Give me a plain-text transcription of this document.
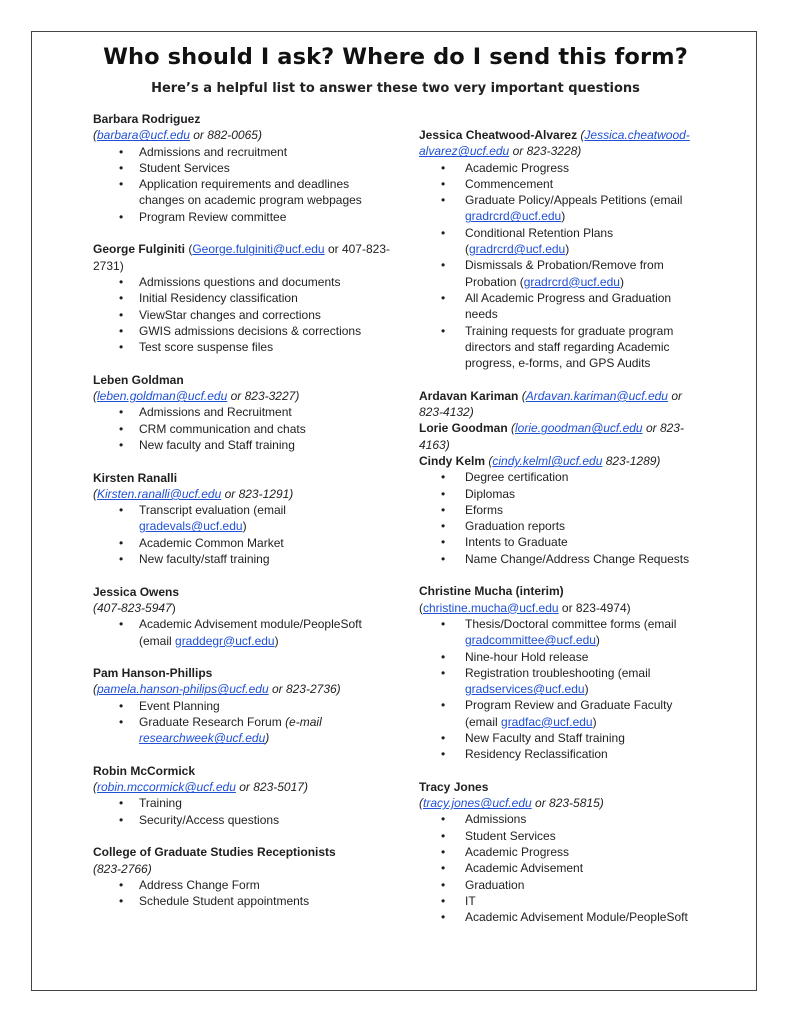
Who should I ask? Where do I send this form?
Here’s a helpful list to answer these two very important questions
Barbara Rodriguez
(barbara@ucf.edu or 882-0065)
• Admissions and recruitment
• Student Services
• Application requirements and deadlines changes on academic program webpages
• Program Review committee
George Fulginiti (George.fulginiti@ucf.edu or 407-823-2731)
• Admissions questions and documents
• Initial Residency classification
• ViewStar changes and corrections
• GWIS admissions decisions & corrections
• Test score suspense files
Leben Goldman
(leben.goldman@ucf.edu or 823-3227)
• Admissions and Recruitment
• CRM communication and chats
• New faculty and Staff training
Kirsten Ranalli
(Kirsten.ranalli@ucf.edu or 823-1291)
• Transcript evaluation (email gradevals@ucf.edu)
• Academic Common Market
• New faculty/staff training
Jessica Owens
(407-823-5947)
• Academic Advisement module/PeopleSoft (email graddegr@ucf.edu)
Pam Hanson-Phillips
(pamela.hanson-philips@ucf.edu or 823-2736)
• Event Planning
• Graduate Research Forum (e-mail researchweek@ucf.edu)
Robin McCormick
(robin.mccormick@ucf.edu or 823-5017)
• Training
• Security/Access questions
College of Graduate Studies Receptionists
(823-2766)
• Address Change Form
• Schedule Student appointments
Jessica Cheatwood-Alvarez (Jessica.cheatwood-alvarez@ucf.edu or 823-3228)
• Academic Progress
• Commencement
• Graduate Policy/Appeals Petitions (email gradrcrd@ucf.edu)
• Conditional Retention Plans (gradrcrd@ucf.edu)
• Dismissals & Probation/Remove from Probation (gradrcrd@ucf.edu)
• All Academic Progress and Graduation needs
• Training requests for graduate program directors and staff regarding Academic progress, e-forms, and GPS Audits
Ardavan Kariman (Ardavan.kariman@ucf.edu or 823-4132)
Lorie Goodman (lorie.goodman@ucf.edu or 823-4163)
Cindy Kelm (cindy.kelml@ucf.edu 823-1289)
• Degree certification
• Diplomas
• Eforms
• Graduation reports
• Intents to Graduate
• Name Change/Address Change Requests
Christine Mucha (interim)
(christine.mucha@ucf.edu or 823-4974)
• Thesis/Doctoral committee forms (email gradcommittee@ucf.edu)
• Nine-hour Hold release
• Registration troubleshooting (email gradservices@ucf.edu)
• Program Review and Graduate Faculty (email gradfac@ucf.edu)
• New Faculty and Staff training
• Residency Reclassification
Tracy Jones
(tracy.jones@ucf.edu or 823-5815)
• Admissions
• Student Services
• Academic Progress
• Academic Advisement
• Graduation
• IT
• Academic Advisement Module/PeopleSoft
